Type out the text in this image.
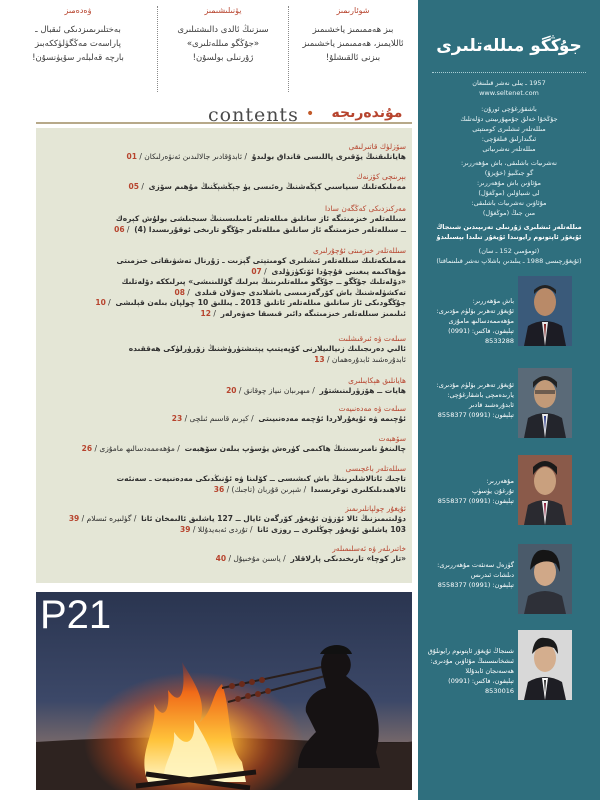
ۋەدەمىز
بەختلىرىمىزدىكى ئىقبال ـ
پاراسەت مەڭگۈلۈككەبىز
بارچە قەلبلەر سۆيۈنسۇن!
يۆنىلىشىمىز
سىزنىڭ ئالدى دالىشتىلىرى
«جۇڭگو مىللەتلىرى»
ژۇرنىلى بولسۇن!
شوئارىمىز
بىز ھەممىمىز ياخشىمىز
ئاللايمىز، ھەممىمىز ياخشىمىز
بىزنى ئالقىشلۇ!
contents •	مۇندەرىجە
سۆزلۈك قاتىرلىقى
ھايانلىقنىڭ يۆقىرى پاللىسى قانداق بولىدۇ  / ئابدۇقادىر جالالىدىن ئەنۋەرلىكان / 01
بېرىنچى كۆزنەك
مەملىكەتلىك سىياسىي كېڭەشنىڭ رەئىسى يۈ جېڭشېڭنىڭ مۇھىم سۆزى  / 05
مەركىزدىكى كەڭگەن سادا
سىللەتلەر خىزمىتىگە ئاز سانلىق مىللەتلەر ئامىلىسىنىڭ سىجىلشى بولۇش كېرەك
ــ سىللەتلەر خىزمىتىگە ئاز سانلىق مىللەتلەر جۇڭگو تارىخى ئوقۇرىسىدا (4)  / 06
سىللەتلەر خىزمىتى ئۇچۇرلىرى
مەملىكەتلىك سىللەتلەر ئىشلىرى كومىتېتى گېزىت ـ ژۇرنال تەشۋىقاتى خىزمىتى
مۇھاكىمە يىغىنى قۇچۇدا ئۆتكۈزۈلدى  / 07
«دۆلەتلىك جۇڭگو ــ جۇڭگو مىللەتلىرىنىڭ بىرلىك گۈللىنىشى» پىرلىككە دۆلەتلىك
تەكشۈلەشنىڭ باش كۆرگەزمىسى باشلاندى جەۋلان قىلدى  / 08
جۇڭگودىكى ئاز سانلىق مىللەتلەر ئاتلىق 2013 ـ يىللىق 10 چولپان بىلەن قېلىشى  / 10
ئىلىمىز سىللەتلەر خىزمىتىگە دائىر قىسقا خەۋەرلەر  / 12
سىلەت ۋە ئىرقىشلىت
ئالىي دەرىجىلىك زىيالىيلارنى كۆپەيتىپ يېتىشتۈرۈشنىڭ زۆرۈرلۈكى ھەققىدە
ئابدۇرەشىد ئابدۇرەھمان / 13
ھايانلىق ھېكايىلىرى
ھايات ــ ھۆزۈرلىنىشتۇر  / مىھرىبان نىياز چوقانق / 20
سىلەت ۋە مەدەنىيەت
ئۇچىمە ۋە ئۇيغۇرلاردا ئۇچمە مەدەنىيىتى  / كېرىم قاسىم ئىلچى / 23
سۆھبەت
چالىنغۇ نامىرىسىنىڭ ھاكىمى كۈرەش يۈسۈپ بىلەن سۆھبەت  / مۇھەممەدسالىھ مامۇزى / 26
سىللەتلەر باغچىسى
تاجىك ئاتالاشلىرىنىڭ باش كىشىسى ــ كۆلىنا ۋە ئۇنىڭدىكى مەدەنىيەت ـ سەنئەت
ئالاھىدىلىكلىرى توغرىسىدا  / شېرىن قۇربان (تاجىك) / 36
ئۇيغۇر چولپانلىرىمىز
دۆلىتىمىزنىڭ ئالا ئۆزۈن ئۇيغۇر كۆرگەن ئايال ــ 127 ياشلىق ئالىمخان ئانا  / گۈلىيرە ئىسلام / 39
103 ياشلىق ئۇيغۇر چوڭلىرى ــ روزى ئانا  / تۇردى ئەبەيدۇللا / 39
خاتىرىلەر ۋە ئەسلىمىلەر
«تار كوچا» تارىخىدىكى پارلاقلار  / ياسىن مۇخىيۇل / 40
P21
جۇڭگو مىللەتلىرى
1957 ـ يىلى نەشر قىلىنغان
www.seltenet.com
باشقۇرغۇچى ئورۇن:
جۇڭخۇا خەلق جۇمھۇرىيىتى دۆلەتلىك
مىللەتلەر ئىشلىرى كومىتېتى
ئىگىدارلىق قىلغۇچى:
مىللەتلەر نەشرىياتى
نەشرىيات باشلىقى، باش مۇھەررىر:
گو جىڭىيۈ (خۇيزۇ)
مۇئاۋىن باش مۇھەررىر:
لى شىياۋلىن (موڭغۇل)
مۇئاۋىن نەشرىيات باشلىقى:
مىن جىڭ (موڭغۇل)
مىللەتلەر ئىشلىرى ژۇرنىلى تەرىپىدىن شىنجاڭ ئۇيغۇر ئاپتونوم رايونىدا ئۇيغۇر تىلىدا بېسىلىدۇ
(ئومۇمىي 152 ـ سان)
(ئۇيغۇرچىسى 1988 ـ يىلىدىن باشلاپ نەشر قىلىنماقتا)
باش مۇھەررىر:
ئۇيغۇر تەھرىر بۆلۈم مۇدىرى:
مۇھەممەدسالىھ مامۇزى
تېلېفون، فاكس: (0991) 8533288
ئۇيغۇر تەھرىر بۆلۈم مۇدىرى:
يارىدەمچى باشقارغۇچى:
ئابدۇرەشىد قادىر
تېلېفون: (0991) 8558377
مۇھەررىر:
تۇرغۇن يۈسۈپ
تېلېفون: (0991) 8558377
گۈزەل سەنئەت مۇھەررىرى:
دىلشات ئىدرىس
تېلېفون: (0991) 8558377
شىنجاڭ ئۇيغۇر ئاپتونوم رايونلۇق
ئىشخانىسىنىڭ مۇئاۋىن مۇدىرى:
ھەسەنجان ئابدۇللا
تېلېفون، فاكس: (0991) 8530016
